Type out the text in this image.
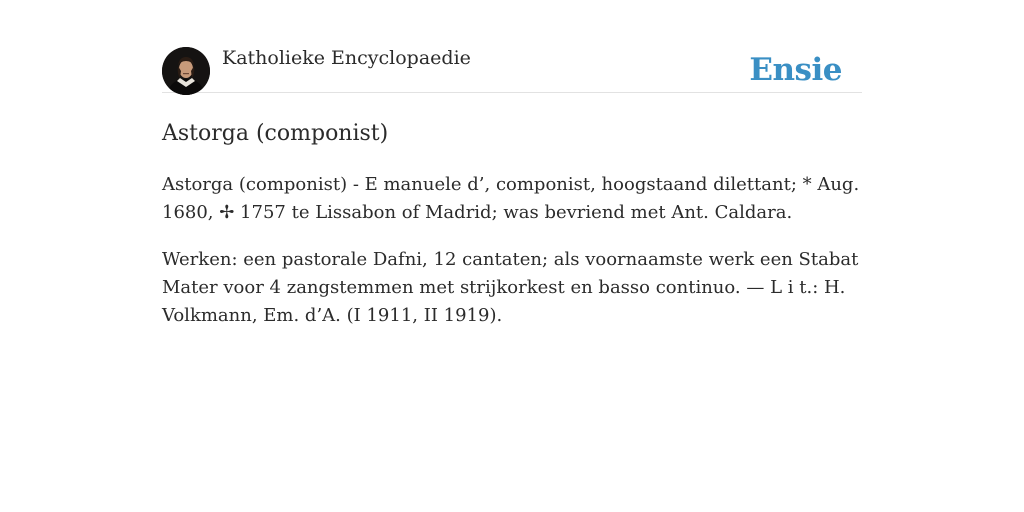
Katholieke Encyclopaedie	Ensie
Astorga (componist)

Astorga (componist) - E manuele d’, componist, hoogstaand dilettant; * Aug. 1680, ✢ 1757 te Lissabon of Madrid; was bevriend met Ant. Caldara.

Werken: een pastorale Dafni, 12 cantaten; als voornaamste werk een Stabat Mater voor 4 zangstemmen met strijkorkest en basso continuo. — L i t.: H. Volkmann, Em. d’A. (I 1911, II 1919).
